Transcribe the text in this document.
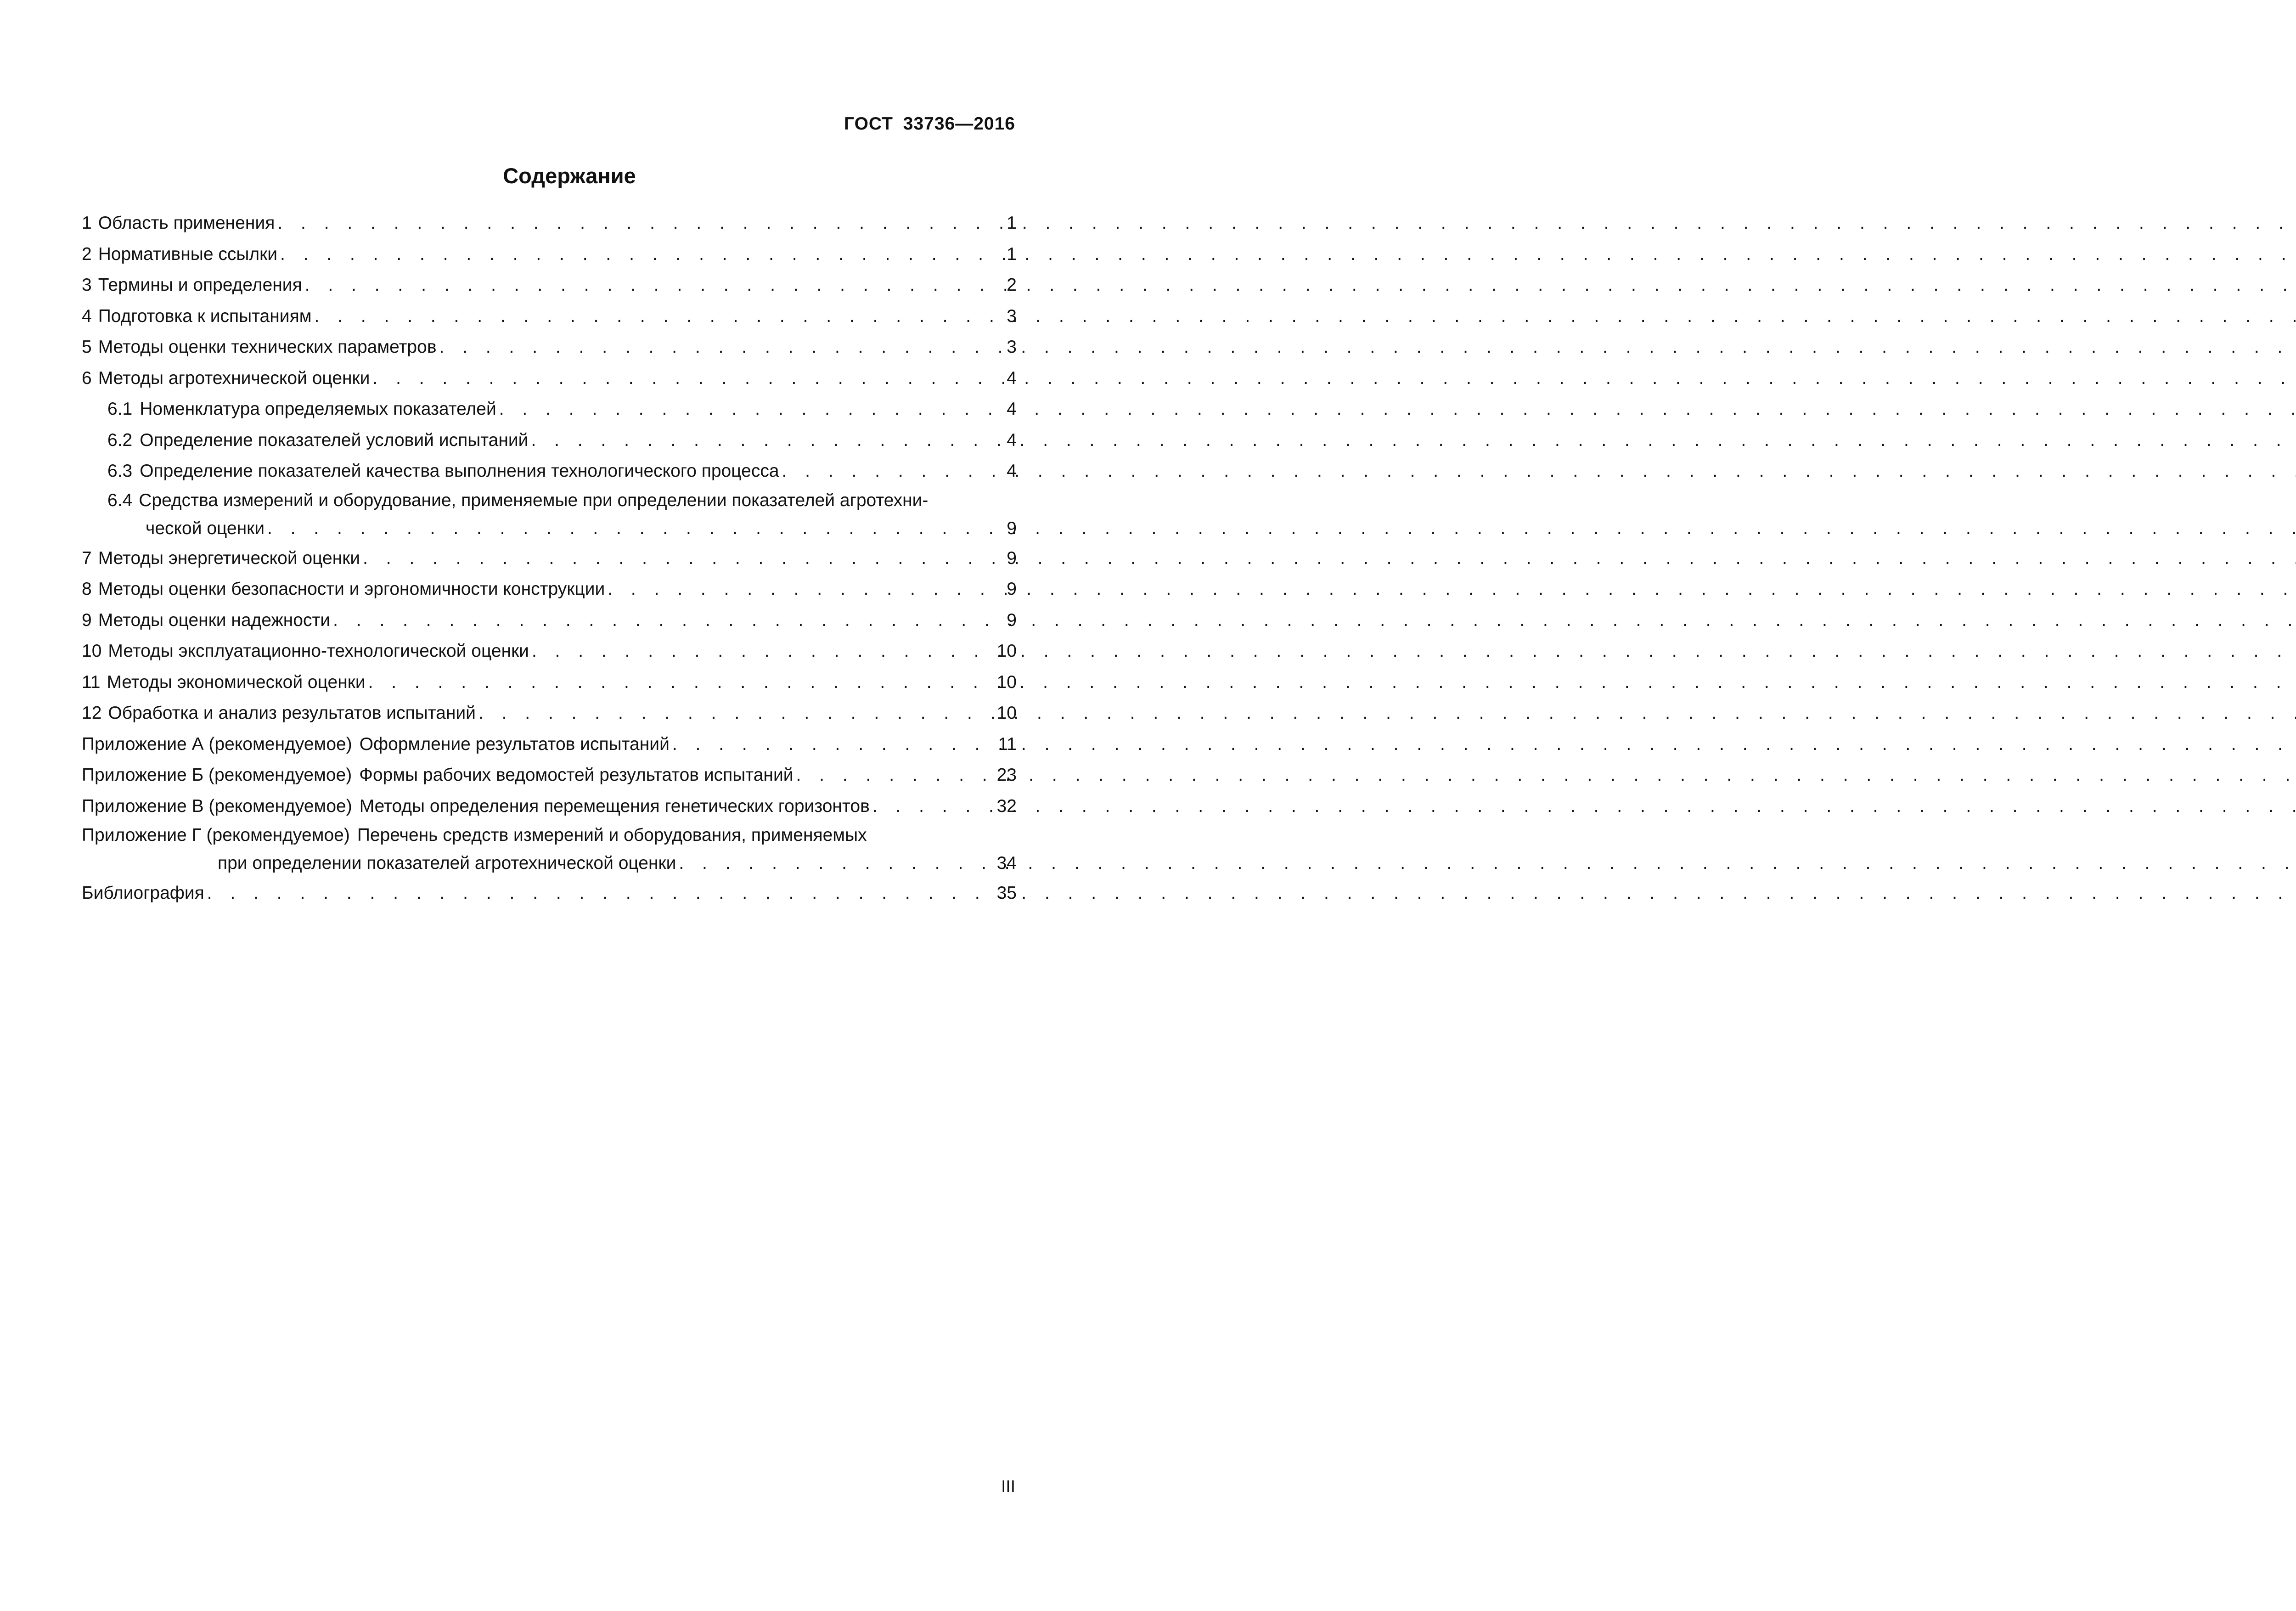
ГОСТ 33736—2016
Содержание
1 Область применения . . .	1
2 Нормативные ссылки . . .	1
3 Термины и определения . . .	2
4 Подготовка к испытаниям . . .	3
5 Методы оценки технических параметров . . .	3
6 Методы агротехнической оценки . . .	4
6.1 Номенклатура определяемых показателей . . .	4
6.2 Определение показателей условий испытаний . . .	4
6.3 Определение показателей качества выполнения технологического процесса . . .	4
6.4 Средства измерений и оборудование, применяемые при определении показателей агротехни-
ческой оценки . . .	9
7 Методы энергетической оценки . . .	9
8 Методы оценки безопасности и эргономичности конструкции . . .	9
9 Методы оценки надежности . . .	9
10 Методы эксплуатационно-технологической оценки . . .	10
11 Методы экономической оценки . . .	10
12 Обработка и анализ результатов испытаний . . .	10
Приложение А (рекомендуемое) Оформление результатов испытаний . . .	11
Приложение Б (рекомендуемое) Формы рабочих ведомостей результатов испытаний . . .	23
Приложение В (рекомендуемое) Методы определения перемещения генетических горизонтов . . .	32
Приложение Г (рекомендуемое) Перечень средств измерений и оборудования, применяемых
при определении показателей агротехнической оценки . . .	34
Библиография . . .	35
III
